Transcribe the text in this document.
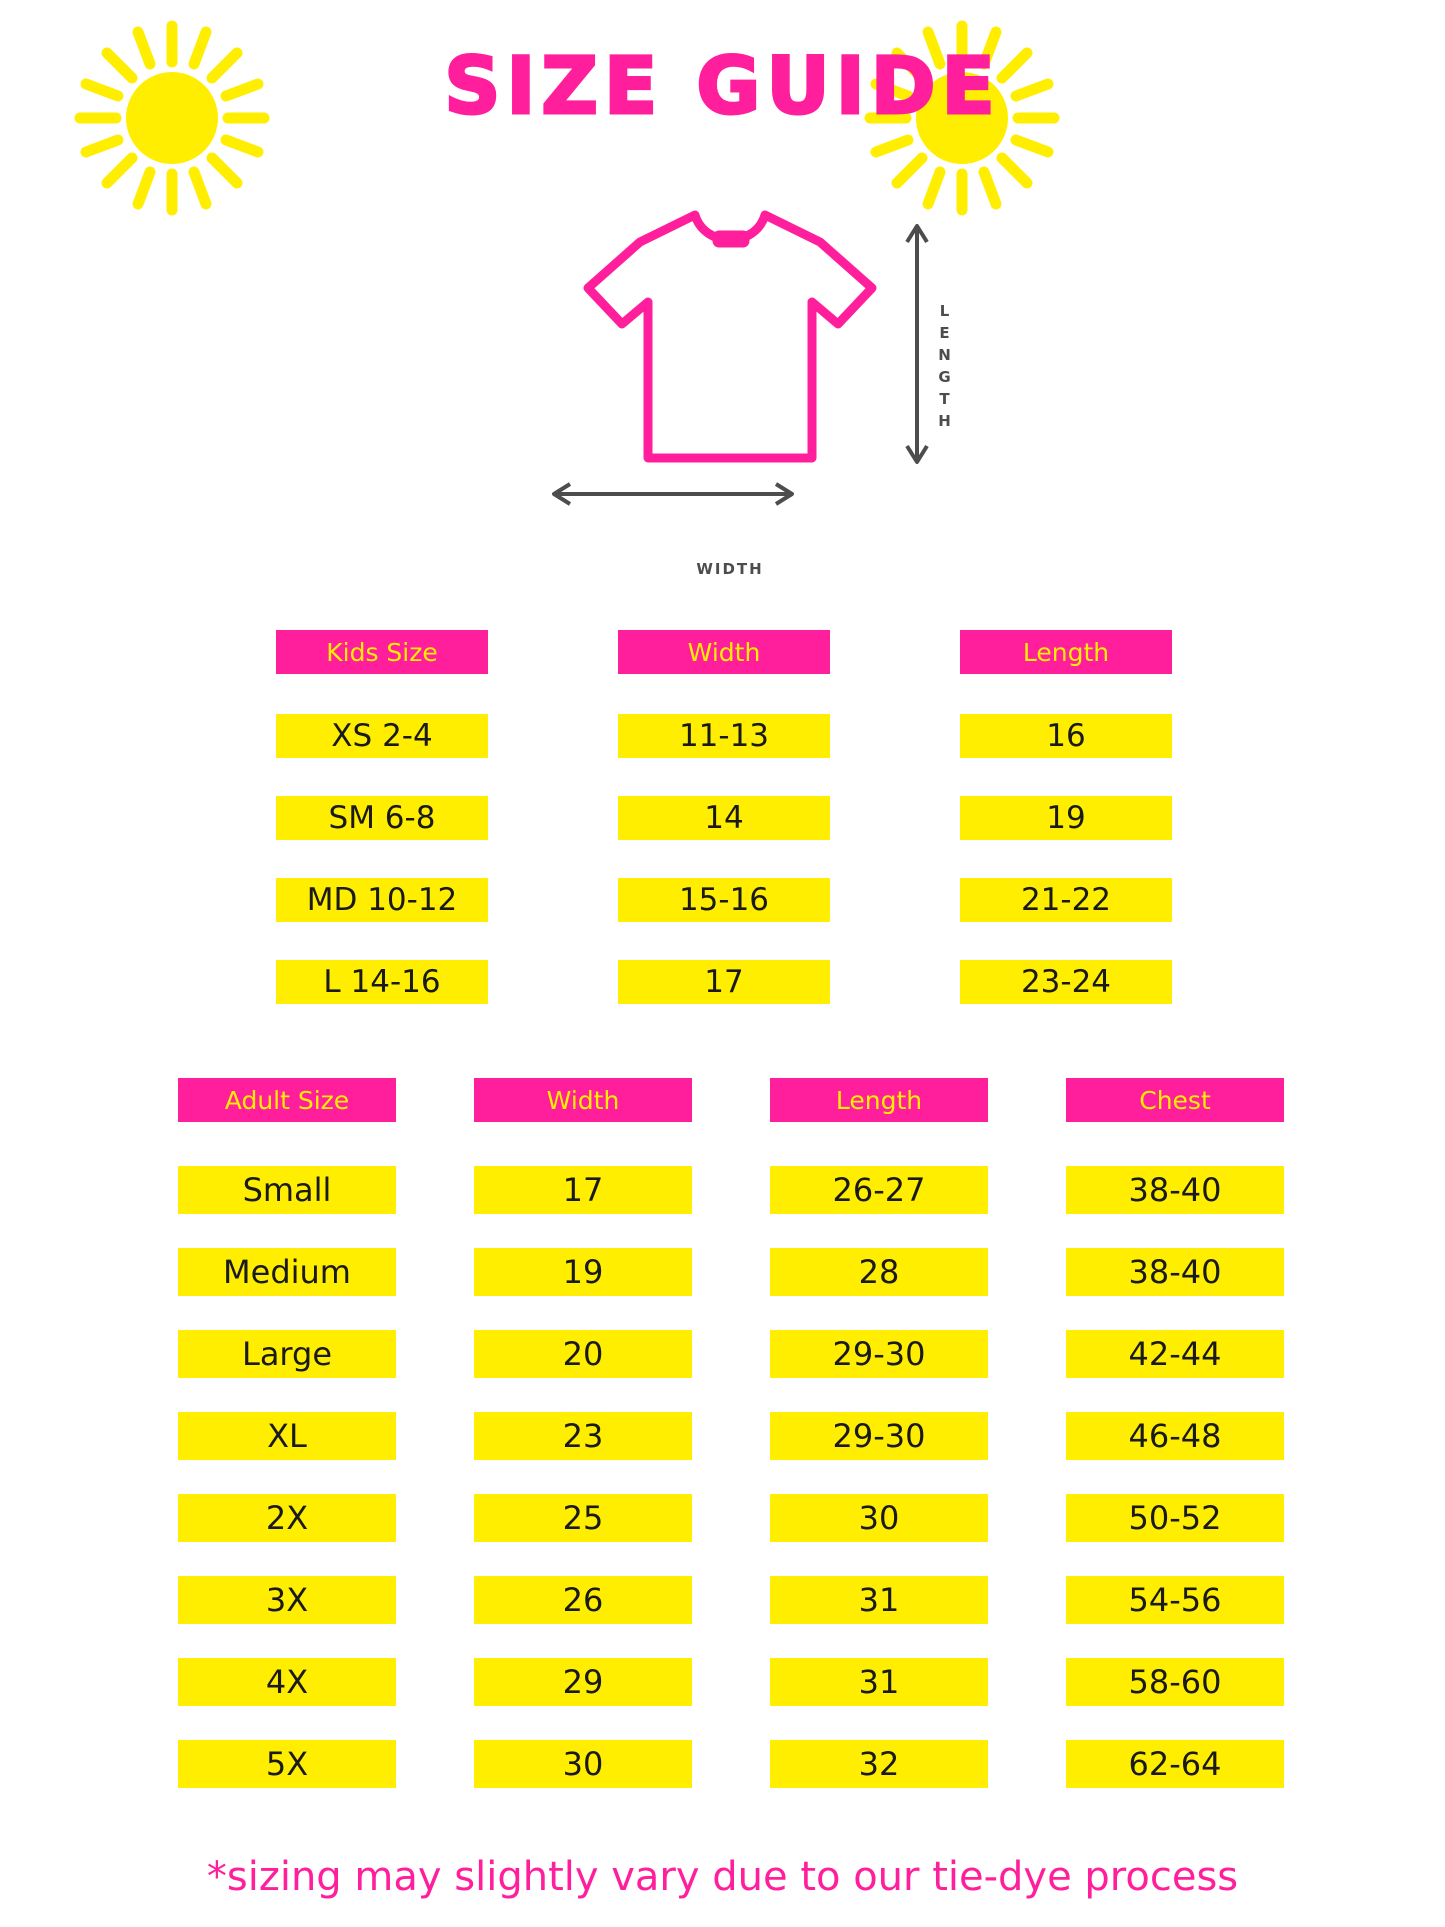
SIZE GUIDE
L
E
N
G
T
H
WIDTH
Kids Size
XS 2-4
SM 6-8
MD 10-12
L 14-16
Width
11-13
14
15-16
17
Length
16
19
21-22
23-24
Adult Size
Small
Medium
Large
XL
2X
3X
4X
5X
Width
17
19
20
23
25
26
29
30
Length
26-27
28
29-30
29-30
30
31
31
32
Chest
38-40
38-40
42-44
46-48
50-52
54-56
58-60
62-64
*sizing may slightly vary due to our tie-dye process
